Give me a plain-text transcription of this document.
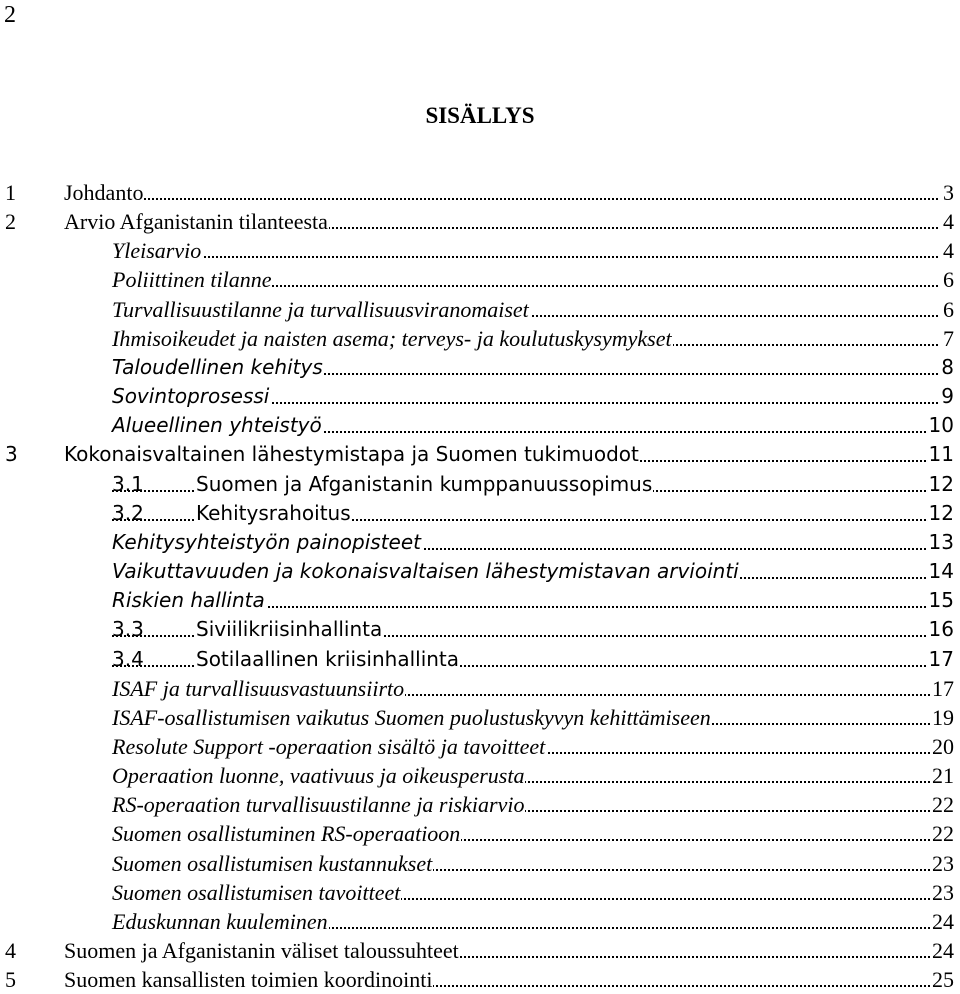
2
SISÄLLYS
1 Johdanto	3
2 Arvio Afganistanin tilanteesta	4
Yleisarvio	4
Poliittinen tilanne	6
Turvallisuustilanne ja turvallisuusviranomaiset	6
Ihmisoikeudet ja naisten asema; terveys- ja koulutuskysymykset	7
Taloudellinen kehitys	8
Sovintoprosessi	9
Alueellinen yhteistyö	10
3 Kokonaisvaltainen lähestymistapa ja Suomen tukimuodot	11
3.1	Suomen ja Afganistanin kumppanuussopimus	12
3.2	Kehitysrahoitus	12
Kehitysyhteistyön painopisteet	13
Vaikuttavuuden ja kokonaisvaltaisen lähestymistavan arviointi	14
Riskien hallinta	15
3.3	Siviilikriisinhallinta	16
3.4	Sotilaallinen kriisinhallinta	17
ISAF ja turvallisuusvastuunsiirto	17
ISAF-osallistumisen vaikutus Suomen puolustuskyvyn kehittämiseen	19
Resolute Support -operaation sisältö ja tavoitteet	20
Operaation luonne, vaativuus ja oikeusperusta	21
RS-operaation turvallisuustilanne ja riskiarvio	22
Suomen osallistuminen RS-operaatioon	22
Suomen osallistumisen kustannukset	23
Suomen osallistumisen tavoitteet	23
Eduskunnan kuuleminen	24
4 Suomen ja Afganistanin väliset taloussuhteet	24
5 Suomen kansallisten toimien koordinointi	25
